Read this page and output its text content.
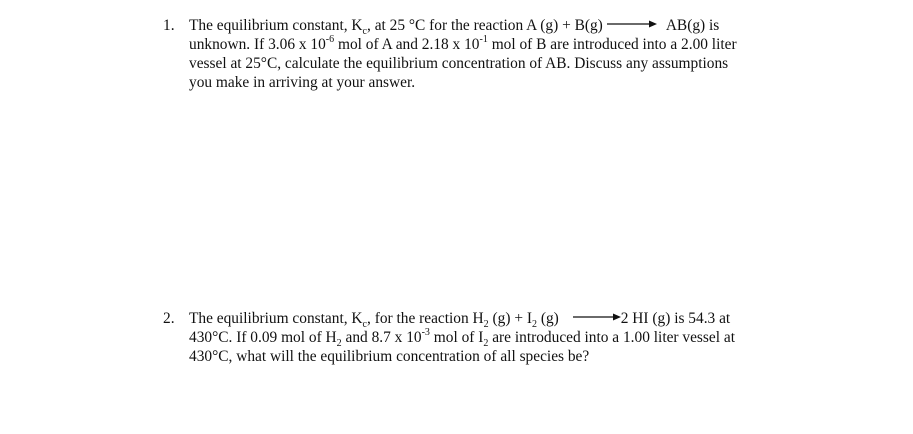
1. The equilibrium constant, $K_c$, at 25 °C for the reaction A (g) + B(g)	AB(g) is
unknown. If 3.06 x $10^{-6}$ mol of A and 2.18 x $10^{-1}$ mol of B are introduced into a 2.00 liter
vessel at 25°C, calculate the equilibrium concentration of AB. Discuss any assumptions
you make in arriving at your answer.
2. The equilibrium constant, $K_c$, for the reaction $H_2$ $(g) + I_2$ (g)	2 HI (g) is 54.3 at
430°C. If 0.09 mol of $H_2$ and 8.7 x $10^{-3}$ mol of $I_2$ are introduced into a 1.00 liter vessel at
430°C, what will the equilibrium concentration of all species be?
